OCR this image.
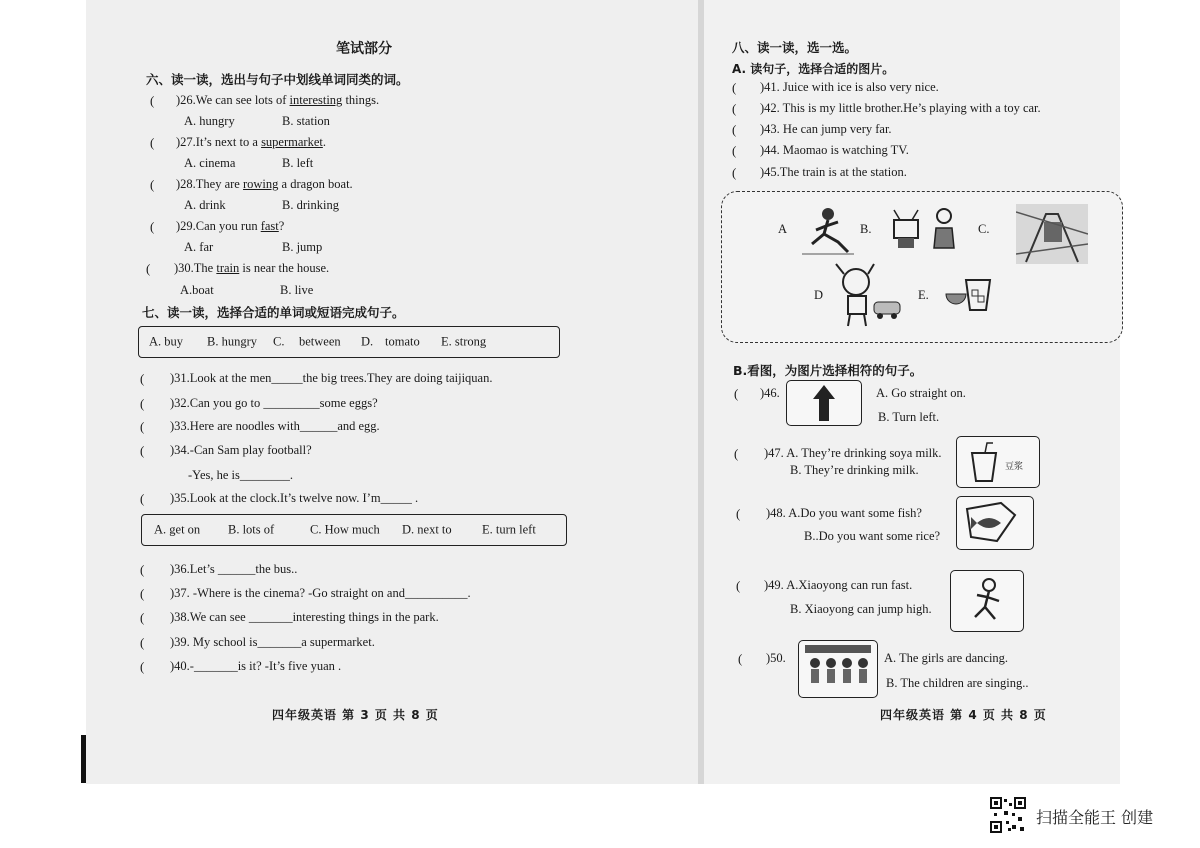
笔试部分
六、读一读，选出与句子中划线单词同类的词。
( )26.We can see lots of interesting things.
A. hungry	B. station
( )27.It’s next to a supermarket.
A. cinema	B. left
( )28.They are rowing a dragon boat.
A. drink	B. drinking
( )29.Can you run fast?
A. far	B. jump
( )30.The train is near the house.
A.boat	B. live
七、读一读，选择合适的单词或短语完成句子。
A. buy B. hungry C. between D. tomato E. strong
( )31.Look at the men_____the big trees.They are doing taijiquan.
( )32.Can you go to _________some eggs?
( )33.Here are noodles with______and egg.
( )34.-Can Sam play football?
-Yes, he is________.
( )35.Look at the clock.It’s twelve now. I’m_____ .
A. get on B. lots of	C. How much D. next to E. turn left
( )36.Let’s ______the bus..
( )37. -Where is the cinema? -Go straight on and__________.
( )38.We can see _______interesting things in the park.
( )39. My school is_______a supermarket.
( )40.-_______is it? -It’s five yuan .
四年级英语 第 3 页 共 8 页
八、读一读，选一选。
A. 读句子，选择合适的图片。
( )41. Juice with ice is also very nice.
( )42. This is my little brother.He’s playing with a toy car.
( )43. He can jump very far.
( )44. Maomao is watching TV.
( )45.The train is at the station.
A	B.	C.
D	E.
B.看图，为图片选择相符的句子。
( )46.	A. Go straight on.
B. Turn left.
( )47. A. They’re drinking soya milk.
B. They’re drinking milk.	豆浆
( )48. A.Do you want some fish?
B..Do you want some rice?
( )49. A.Xiaoyong can run fast.
B. Xiaoyong can jump high.
( )50.	A. The girls are dancing.
B. The children are singing..
四年级英语 第 4 页 共 8 页
扫描全能王 创建
